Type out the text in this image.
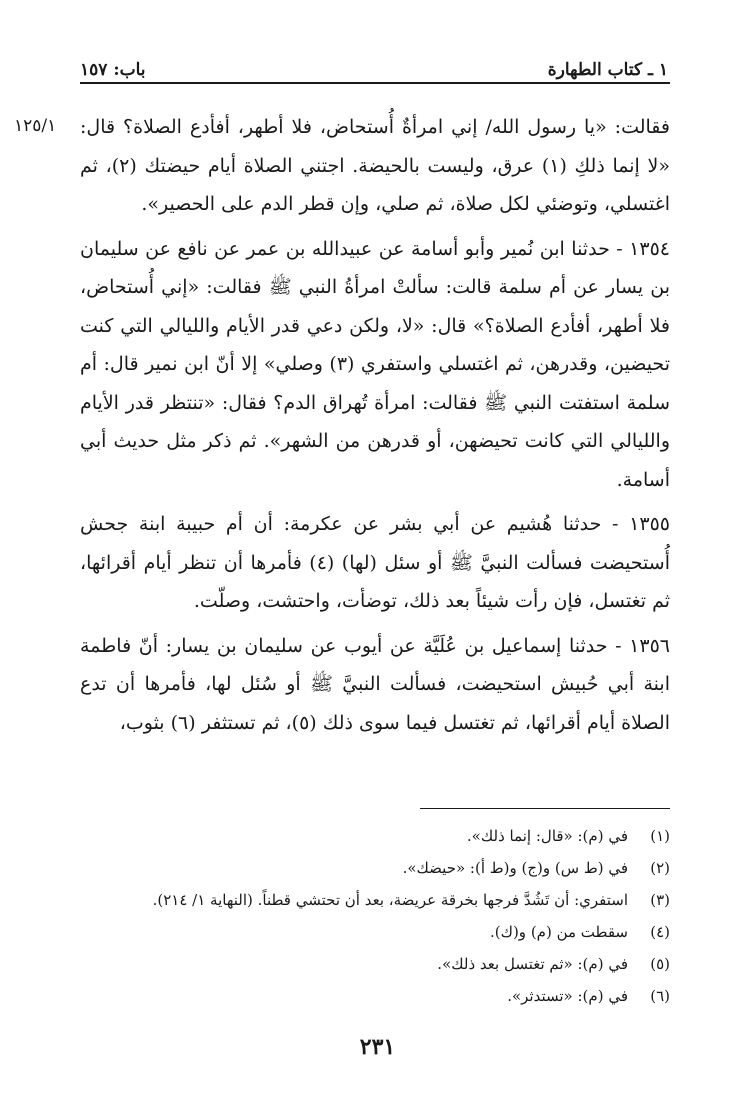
١ ـ كتاب الطهارة
باب: ١٥٧
١٢٥/١	فقالت: «يا رسول الله/ إني امرأةٌ أُستحاض، فلا أطهر، أفأدع الصلاة؟ قال: «لا إنما ذلكِ (١) عرق، وليست بالحيضة. اجتني الصلاة أيام حيضتك (٢)، ثم اغتسلي، وتوضئي لكل صلاة، ثم صلي، وإن قطر الدم على الحصير».

١٣٥٤ - حدثنا ابن نُمير وأبو أسامة عن عبيدالله بن عمر عن نافع عن سليمان بن يسار عن أم سلمة قالت: سألتْ امرأةُ النبي ﷺ فقالت: «إني أُستحاض، فلا أطهر، أفأدع الصلاة؟» قال: «لا، ولكن دعي قدر الأيام والليالي التي كنت تحيضين، وقدرهن، ثم اغتسلي واستفري (٣) وصلي» إلا أنّ ابن نمير قال: أم سلمة استفتت النبي ﷺ فقالت: امرأة تُهراق الدم؟ فقال: «تنتظر قدر الأيام والليالي التي كانت تحيضهن، أو قدرهن من الشهر». ثم ذكر مثل حديث أبي أسامة.

١٣٥٥ - حدثنا هُشيم عن أبي بشر عن عكرمة: أن أم حبيبة ابنة جحش أُستحيضت فسألت النبيَّ ﷺ أو سئل (لها) (٤) فأمرها أن تنظر أيام أقرائها، ثم تغتسل، فإن رأت شيئاً بعد ذلك، توضأت، واحتشت، وصلّت.

١٣٥٦ - حدثنا إسماعيل بن عُلَيَّة عن أيوب عن سليمان بن يسار: أنّ فاطمة ابنة أبي حُبيش استحيضت، فسألت النبيَّ ﷺ أو سُئل لها، فأمرها أن تدع الصلاة أيام أقرائها، ثم تغتسل فيما سوى ذلك (٥)، ثم تستثفر (٦) بثوب،

(١)
في (م): «قال: إنما ذلك».
(٢)
في (ط س) و(ج) و(ط أ): «حيضك».
(٣)
استفري: أن تَشُدَّ فرجها بخرقة عريضة، بعد أن تحتشي قطناً. (النهاية ١/ ٢١٤).
(٤)
سقطت من (م) و(ك).
(٥)
في (م): «ثم تغتسل بعد ذلك».
(٦)
في (م): «تستدثر».
٢٣١
